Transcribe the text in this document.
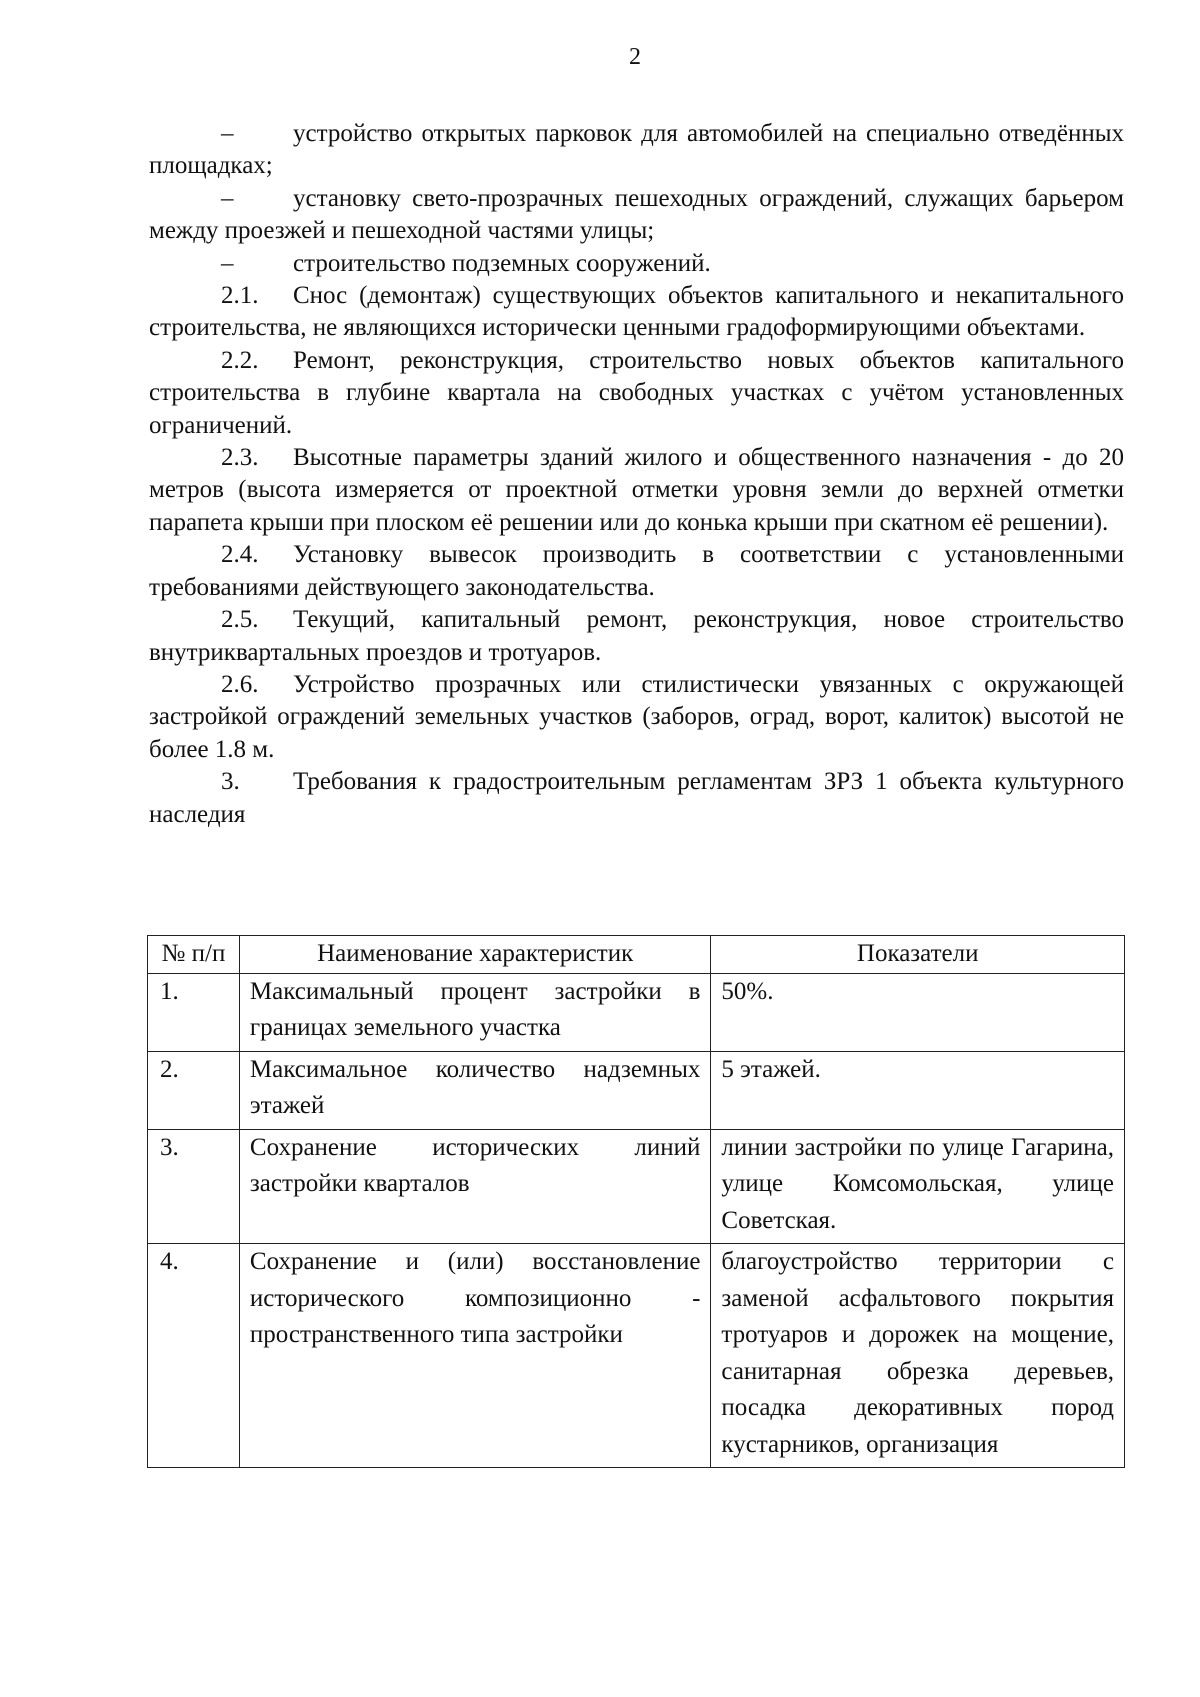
2

– устройство открытых парковок для автомобилей на специально отведённых площадках;

– установку свето-прозрачных пешеходных ограждений, служащих барьером между проезжей и пешеходной частями улицы;

– строительство подземных сооружений.

2.1. Снос (демонтаж) существующих объектов капитального и некапитального строительства, не являющихся исторически ценными градоформирующими объектами.

2.2. Ремонт, реконструкция, строительство новых объектов капитального строительства в глубине квартала на свободных участках с учётом установленных ограничений.

2.3. Высотные параметры зданий жилого и общественного назначения - до 20 метров (высота измеряется от проектной отметки уровня земли до верхней отметки парапета крыши при плоском её решении или до конька крыши при скатном её решении).

2.4. Установку вывесок производить в соответствии с установленными требованиями действующего законодательства.

2.5. Текущий, капитальный ремонт, реконструкция, новое строительство внутриквартальных проездов и тротуаров.

2.6. Устройство прозрачных или стилистически увязанных с окружающей застройкой ограждений земельных участков (заборов, оград, ворот, калиток) высотой не более 1.8 м.

3. Требования к градостроительным регламентам ЗРЗ 1 объекта культурного наследия

№ п/п	Наименование характеристик	Показатели
1.	Максимальный процент застройки в границах земельного участка	50%.
2.	Максимальное количество надземных этажей	5 этажей.
3.	Сохранение исторических линий застройки кварталов	линии застройки по улице Гагарина, улице Комсомольская, улице Советская.
4.	Сохранение и (или) восстановление исторического композиционно - пространственного типа застройки	благоустройство территории с заменой асфальтового покрытия тротуаров и дорожек на мощение, санитарная обрезка деревьев, посадка декоративных пород кустарников, организация
